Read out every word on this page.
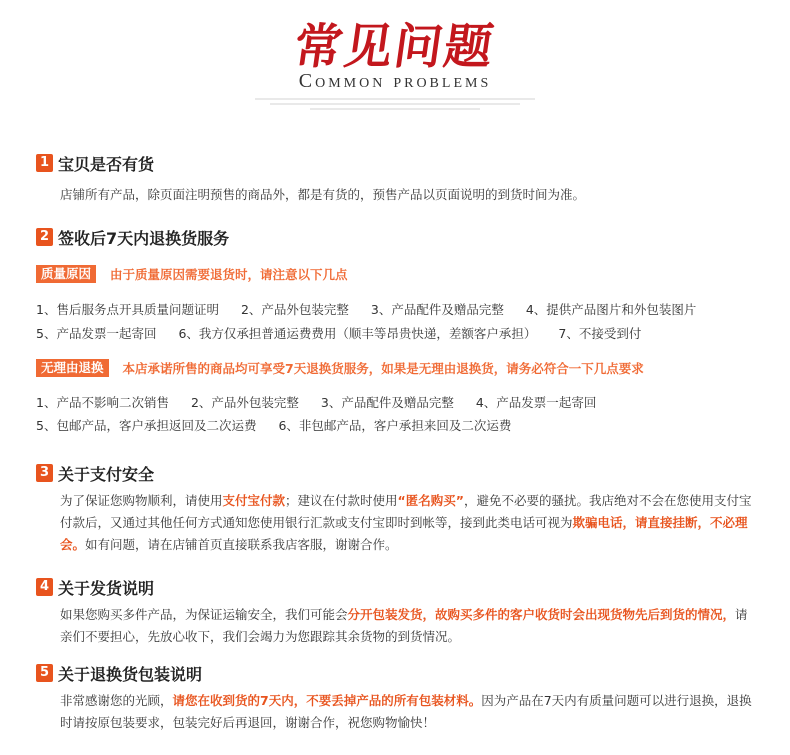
常见问题
Common problems
1 宝贝是否有货
店铺所有产品，除页面注明预售的商品外，都是有货的，预售产品以页面说明的到货时间为准。
2 签收后7天内退换货服务
质量原因	由于质量原因需要退货时，请注意以下几点
1、售后服务点开具质量问题证明 2、产品外包装完整 3、产品配件及赠品完整 4、提供产品图片和外包装图片
5、产品发票一起寄回 6、我方仅承担普通运费费用（顺丰等昂贵快递，差额客户承担） 7、不接受到付
无理由退换	本店承诺所售的商品均可享受7天退换货服务，如果是无理由退换货，请务必符合一下几点要求
1、产品不影响二次销售 2、产品外包装完整 3、产品配件及赠品完整 4、产品发票一起寄回
5、包邮产品，客户承担返回及二次运费 6、非包邮产品，客户承担来回及二次运费
3 关于支付安全
为了保证您购物顺利，请使用支付宝付款；建议在付款时使用“匿名购买”，避免不必要的骚扰。我店绝对不会在您使用支付宝付款后，又通过其他任何方式通知您使用银行汇款或支付宝即时到帐等，接到此类电话可视为欺骗电话，请直接挂断，不必理会。如有问题，请在店铺首页直接联系我店客服，谢谢合作。
4 关于发货说明
如果您购买多件产品，为保证运输安全，我们可能会分开包装发货，故购买多件的客户收货时会出现货物先后到货的情况，请亲们不要担心，先放心收下，我们会竭力为您跟踪其余货物的到货情况。
5 关于退换货包装说明
非常感谢您的光顾，请您在收到货的7天内，不要丢掉产品的所有包装材料。因为产品在7天内有质量问题可以进行退换，退换时请按原包装要求，包装完好后再退回，谢谢合作，祝您购物愉快！
